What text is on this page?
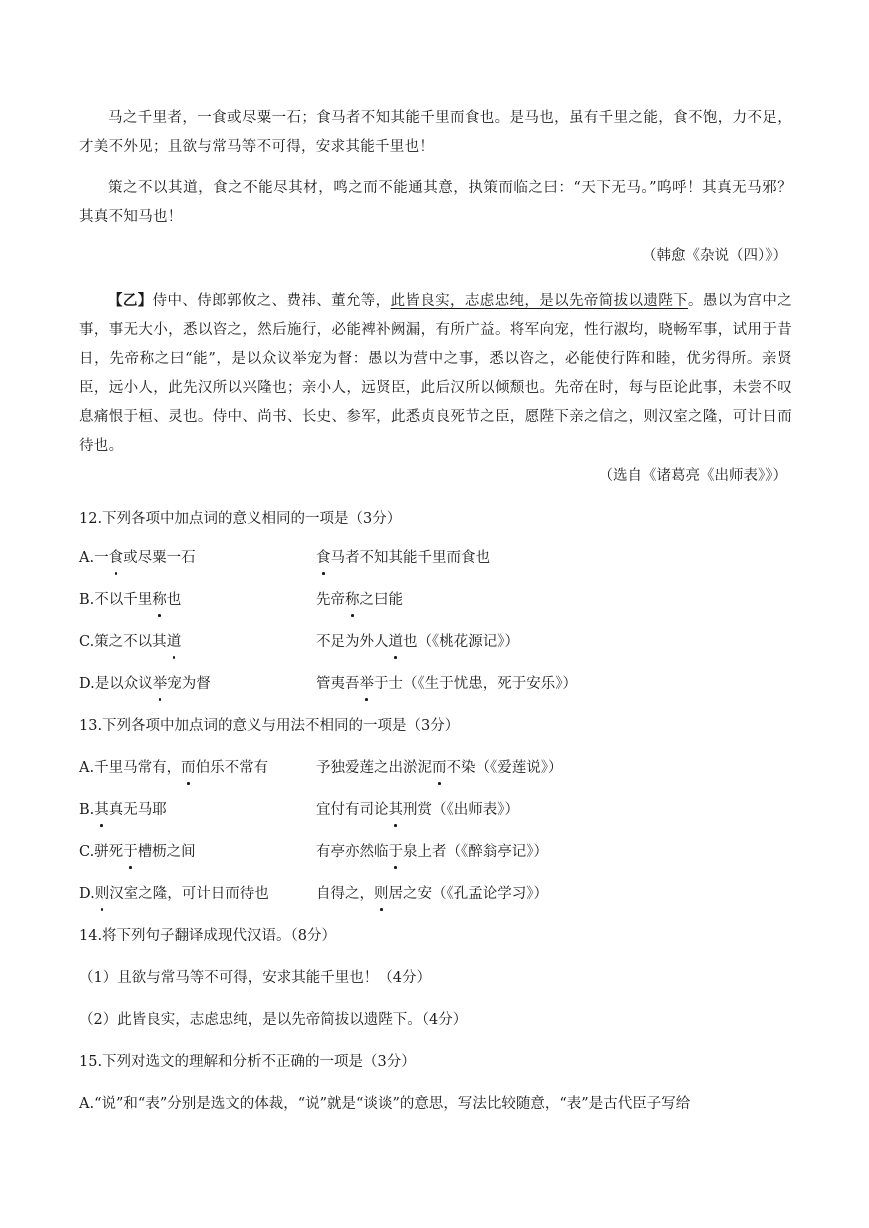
马之千里者，一食或尽粟一石；食马者不知其能千里而食也。是马也，虽有千里之能，食不饱，力不足，才美不外见；且欲与常马等不可得，安求其能千里也！

策之不以其道，食之不能尽其材，鸣之而不能通其意，执策而临之曰：“天下无马。”呜呼！其真无马邪？其真不知马也！

（韩愈《杂说（四）》）

【乙】侍中、侍郎郭攸之、费祎、董允等，此皆良实，志虑忠纯，是以先帝简拔以遗陛下。愚以为宫中之事，事无大小，悉以咨之，然后施行，必能裨补阙漏，有所广益。将军向宠，性行淑均，晓畅军事，试用于昔日，先帝称之曰“能”，是以众议举宠为督：愚以为营中之事，悉以咨之，必能使行阵和睦，优劣得所。亲贤臣，远小人，此先汉所以兴隆也；亲小人，远贤臣，此后汉所以倾颓也。先帝在时，每与臣论此事，未尝不叹息痛恨于桓、灵也。侍中、尚书、长史、参军，此悉贞良死节之臣，愿陛下亲之信之，则汉室之隆，可计日而待也。

（选自《诸葛亮《出师表》》）

12.下列各项中加点词的意义相同的一项是（3分）

A.一食或尽粟一石	食马者不知其能千里而食也

B.不以千里称也	先帝称之曰能

C.策之不以其道	不足为外人道也（《桃花源记》）

D.是以众议举宠为督	管夷吾举于士（《生于忧患，死于安乐》）

13.下列各项中加点词的意义与用法不相同的一项是（3分）

A.千里马常有，而伯乐不常有	予独爱莲之出淤泥而不染（《爱莲说》）

B.其真无马耶	宜付有司论其刑赏（《出师表》）

C.骈死于槽枥之间	有亭亦然临于泉上者（《醉翁亭记》）

D.则汉室之隆，可计日而待也	自得之，则居之安（《孔孟论学习》）

14.将下列句子翻译成现代汉语。（8分）

（1）且欲与常马等不可得，安求其能千里也！（4分）

（2）此皆良实，志虑忠纯，是以先帝简拔以遗陛下。（4分）

15.下列对选文的理解和分析不正确的一项是（3分）

A.“说”和“表”分别是选文的体裁，“说”就是“谈谈”的意思，写法比较随意，“表”是古代臣子写给
